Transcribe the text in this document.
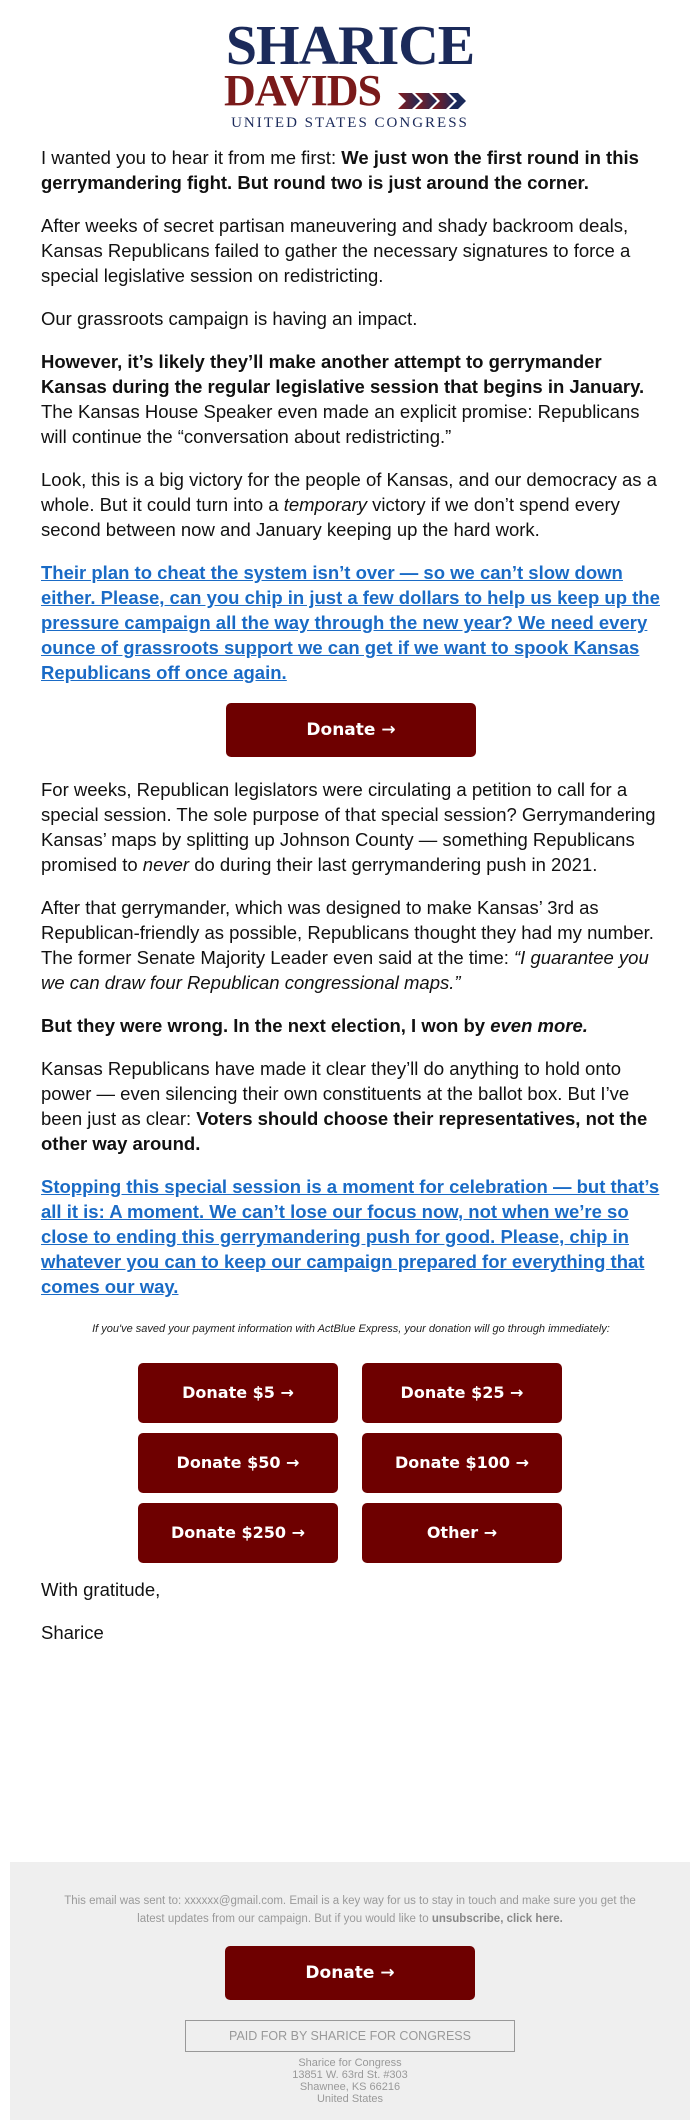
SHARICE
DAVIDS
UNITED STATES CONGRESS

I wanted you to hear it from me first: We just won the first round in this gerrymandering fight. But round two is just around the corner.

After weeks of secret partisan maneuvering and shady backroom deals, Kansas Republicans failed to gather the necessary signatures to force a special legislative session on redistricting.

Our grassroots campaign is having an impact.

However, it’s likely they’ll make another attempt to gerrymander Kansas during the regular legislative session that begins in January. The Kansas House Speaker even made an explicit promise: Republicans will continue the “conversation about redistricting.”

Look, this is a big victory for the people of Kansas, and our democracy as a whole. But it could turn into a temporary victory if we don’t spend every second between now and January keeping up the hard work.

Their plan to cheat the system isn’t over — so we can’t slow down either. Please, can you chip in just a few dollars to help us keep up the pressure campaign all the way through the new year? We need every ounce of grassroots support we can get if we want to spook Kansas Republicans off once again.

Donate →

For weeks, Republican legislators were circulating a petition to call for a special session. The sole purpose of that special session? Gerrymandering Kansas’ maps by splitting up Johnson County — something Republicans promised to never do during their last gerrymandering push in 2021.

After that gerrymander, which was designed to make Kansas’ 3rd as Republican-friendly as possible, Republicans thought they had my number. The former Senate Majority Leader even said at the time: “I guarantee you we can draw four Republican congressional maps.”

But they were wrong. In the next election, I won by even more.

Kansas Republicans have made it clear they’ll do anything to hold onto power — even silencing their own constituents at the ballot box. But I’ve been just as clear: Voters should choose their representatives, not the other way around.

Stopping this special session is a moment for celebration — but that’s all it is: A moment. We can’t lose our focus now, not when we’re so close to ending this gerrymandering push for good. Please, chip in whatever you can to keep our campaign prepared for everything that comes our way.

If you've saved your payment information with ActBlue Express, your donation will go through immediately:

Donate $5 →	Donate $25 →
Donate $50 →	Donate $100 →
Donate $250 →	Other →

With gratitude,

Sharice

This email was sent to: xxxxxx@gmail.com. Email is a key way for us to stay in touch and make sure you get the latest updates from our campaign. But if you would like to unsubscribe, click here.
Donate →
PAID FOR BY SHARICE FOR CONGRESS
Sharice for Congress
13851 W. 63rd St. #303
Shawnee, KS 66216
United States
